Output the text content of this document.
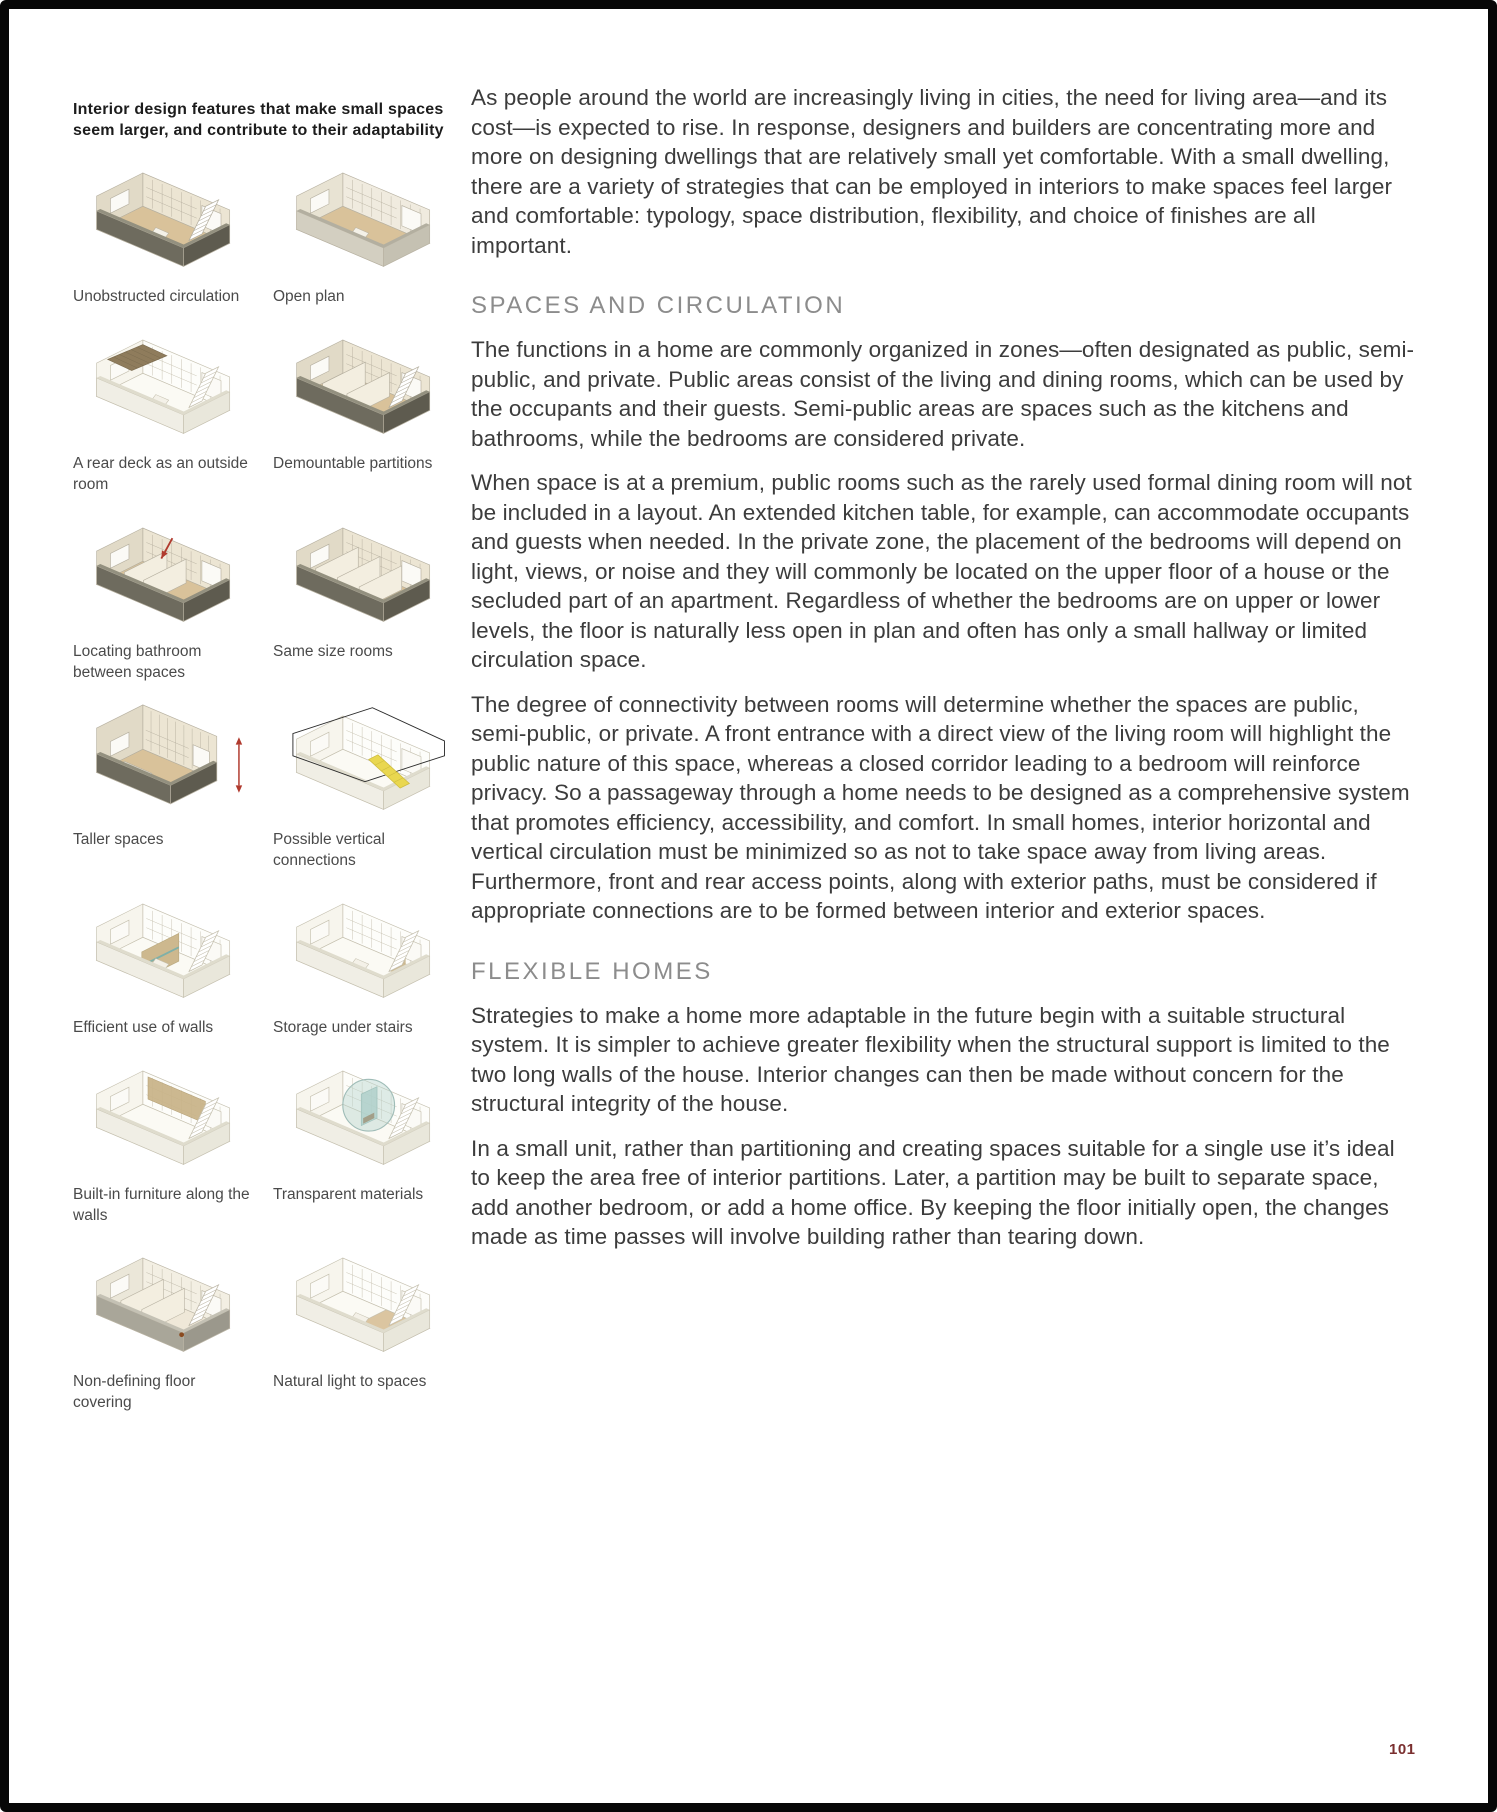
Interior design features that make small spaces seem larger, and contribute to their adaptability
Unobstructed circulation	Open plan
A rear deck as an outside room
Demountable partitions
Locating bathroom between spaces
Same size rooms
Taller spaces	Possible vertical connections
Efficient use of walls	Storage under stairs
Built-in furniture along the walls
Transparent materials
Non-defining floor covering
Natural light to spaces

As people around the world are increasingly living in cities, the need for living area—and its cost—is expected to rise. In response, designers and builders are concentrating more and more on designing dwellings that are relatively small yet comfortable. With a small dwelling, there are a variety of strategies that can be employed in interiors to make spaces feel larger and comfortable: typology, space distribution, flexibility, and choice of finishes are all important.

SPACES AND CIRCULATION

The functions in a home are commonly organized in zones—often designated as public, semi-public, and private. Public areas consist of the living and dining rooms, which can be used by the occupants and their guests. Semi-public areas are spaces such as the kitchens and bathrooms, while the bedrooms are considered private.

When space is at a premium, public rooms such as the rarely used formal dining room will not be included in a layout. An extended kitchen table, for example, can accommodate occupants and guests when needed. In the private zone, the placement of the bedrooms will depend on light, views, or noise and they will commonly be located on the upper floor of a house or the secluded part of an apartment. Regardless of whether the bedrooms are on upper or lower levels, the floor is naturally less open in plan and often has only a small hallway or limited circulation space.

The degree of connectivity between rooms will determine whether the spaces are public, semi-public, or private. A front entrance with a direct view of the living room will highlight the public nature of this space, whereas a closed corridor leading to a bedroom will reinforce privacy. So a passageway through a home needs to be designed as a comprehensive system that promotes efficiency, accessibility, and comfort. In small homes, interior horizontal and vertical circulation must be minimized so as not to take space away from living areas. Furthermore, front and rear access points, along with exterior paths, must be considered if appropriate connections are to be formed between interior and exterior spaces.

FLEXIBLE HOMES

Strategies to make a home more adaptable in the future begin with a suitable structural system. It is simpler to achieve greater flexibility when the structural support is limited to the two long walls of the house. Interior changes can then be made without concern for the structural integrity of the house.

In a small unit, rather than partitioning and creating spaces suitable for a single use it’s ideal to keep the area free of interior partitions. Later, a partition may be built to separate space, add another bedroom, or add a home office. By keeping the floor initially open, the changes made as time passes will involve building rather than tearing down.

101
